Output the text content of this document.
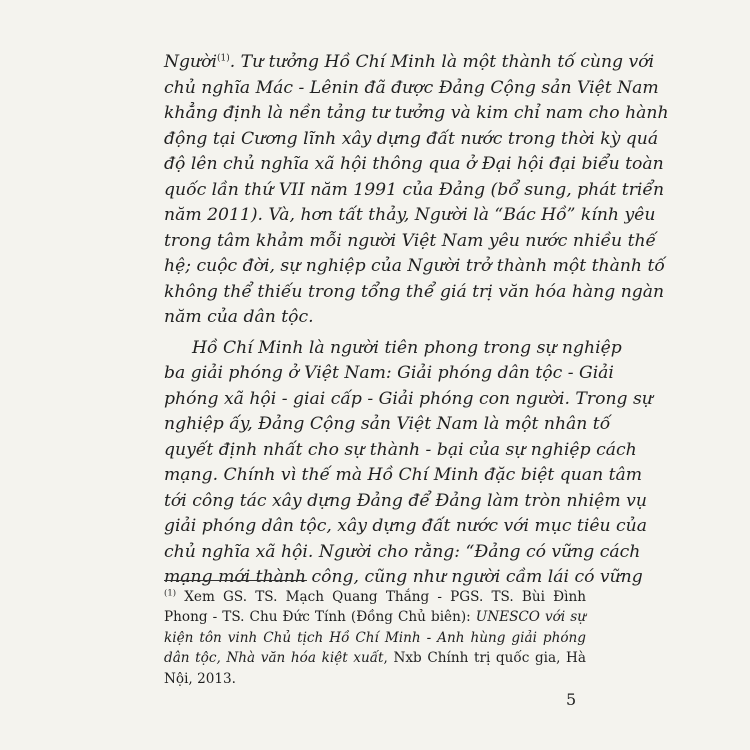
Người$^{(1)}$. Tư tưởng Hồ Chí Minh là một thành tố cùng với
chủ nghĩa Mác - Lênin đã được Đảng Cộng sản Việt Nam
khẳng định là nền tảng tư tưởng và kim chỉ nam cho hành
động tại Cương lĩnh xây dựng đất nước trong thời kỳ quá
độ lên chủ nghĩa xã hội thông qua ở Đại hội đại biểu toàn
quốc lần thứ VII năm 1991 của Đảng (bổ sung, phát triển
năm 2011). Và, hơn tất thảy, Người là “Bác Hồ” kính yêu
trong tâm khảm mỗi người Việt Nam yêu nước nhiều thế
hệ; cuộc đời, sự nghiệp của Người trở thành một thành tố
không thể thiếu trong tổng thể giá trị văn hóa hàng ngàn
năm của dân tộc.
Hồ Chí Minh là người tiên phong trong sự nghiệp
ba giải phóng ở Việt Nam: Giải phóng dân tộc - Giải
phóng xã hội - giai cấp - Giải phóng con người. Trong sự
nghiệp ấy, Đảng Cộng sản Việt Nam là một nhân tố
quyết định nhất cho sự thành - bại của sự nghiệp cách
mạng. Chính vì thế mà Hồ Chí Minh đặc biệt quan tâm
tới công tác xây dựng Đảng để Đảng làm tròn nhiệm vụ
giải phóng dân tộc, xây dựng đất nước với mục tiêu của
chủ nghĩa xã hội. Người cho rằng: “Đảng có vững cách
mạng mới thành công, cũng như người cầm lái có vững
$^{(1)}$ Xem GS. TS. Mạch Quang Thắng - PGS. TS. Bùi Đình
Phong - TS. Chu Đức Tính (Đồng Chủ biên): UNESCO với sự
kiện tôn vinh Chủ tịch Hồ Chí Minh - Anh hùng giải phóng
dân tộc, Nhà văn hóa kiệt xuất, Nxb Chính trị quốc gia, Hà
Nội, 2013.
5
